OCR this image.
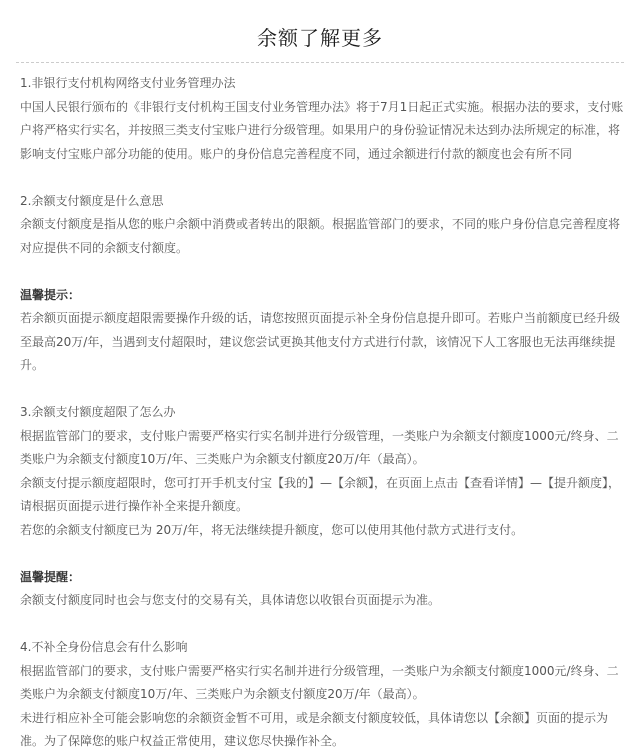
余额了解更多

1.非银行支付机构网络支付业务管理办法

中国人民银行颁布的《非银行支付机构王国支付业务管理办法》将于7月1日起正式实施。根据办法的要求，支付账户将严格实行实名，并按照三类支付宝账户进行分级管理。如果用户的身份验证情况未达到办法所规定的标准，将影响支付宝账户部分功能的使用。账户的身份信息完善程度不同，通过余额进行付款的额度也会有所不同

2.余额支付额度是什么意思

余额支付额度是指从您的账户余额中消费或者转出的限额。根据监管部门的要求，不同的账户身份信息完善程度将对应提供不同的余额支付额度。

温馨提示：

若余额页面提示额度超限需要操作升级的话，请您按照页面提示补全身份信息提升即可。若账户当前额度已经升级至最高20万/年，当遇到支付超限时，建议您尝试更换其他支付方式进行付款，该情况下人工客服也无法再继续提升。

3.余额支付额度超限了怎么办

根据监管部门的要求，支付账户需要严格实行实名制并进行分级管理，一类账户为余额支付额度1000元/终身、二类账户为余额支付额度10万/年、三类账户为余额支付额度20万/年（最高）。

余额支付提示额度超限时，您可打开手机支付宝【我的】—【余额】，在页面上点击【查看详情】—【提升额度】，请根据页面提示进行操作补全来提升额度。

若您的余额支付额度已为 20万/年，将无法继续提升额度，您可以使用其他付款方式进行支付。

温馨提醒：

余额支付额度同时也会与您支付的交易有关，具体请您以收银台页面提示为准。

4.不补全身份信息会有什么影响

根据监管部门的要求，支付账户需要严格实行实名制并进行分级管理，一类账户为余额支付额度1000元/终身、二类账户为余额支付额度10万/年、三类账户为余额支付额度20万/年（最高）。

未进行相应补全可能会影响您的余额资金暂不可用，或是余额支付额度较低，具体请您以【余额】页面的提示为准。为了保障您的账户权益正常使用，建议您尽快操作补全。
